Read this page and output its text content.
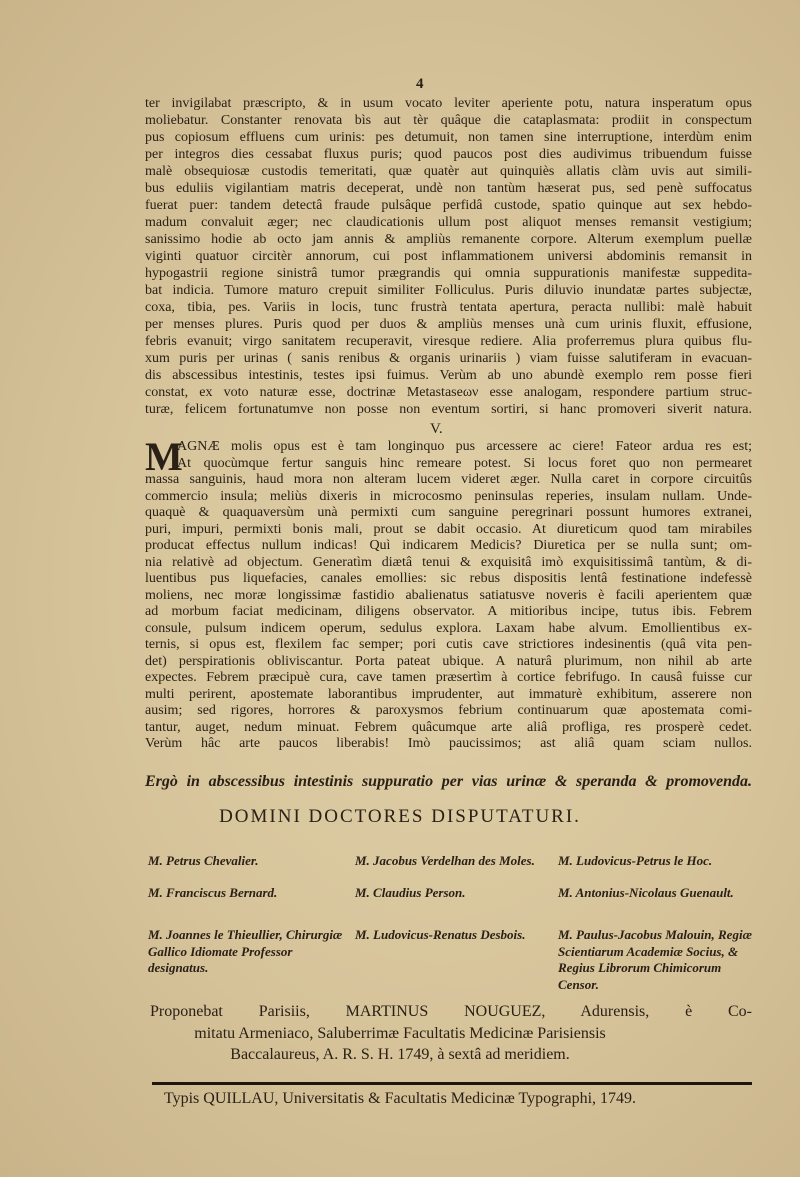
4
ter invigilabat præscripto, & in usum vocato leviter aperiente potu, natura insperatum opus
moliebatur. Constanter renovata bìs aut tèr quâque die cataplasmata: prodiit in conspectum
pus copiosum effluens cum urinis: pes detumuit, non tamen sine interruptione, interdùm enim
per integros dies cessabat fluxus puris; quod paucos post dies audivimus tribuendum fuisse
malè obsequiosæ custodis temeritati, quæ quatèr aut quinquiès allatis clàm uvis aut simili-
bus eduliis vigilantiam matris deceperat, undè non tantùm hæserat pus, sed penè suffocatus
fuerat puer: tandem detectâ fraude pulsâque perfidâ custode, spatio quinque aut sex hebdo-
madum convaluit æger; nec claudicationis ullum post aliquot menses remansit vestigium;
sanissimo hodie ab octo jam annis & ampliùs remanente corpore. Alterum exemplum puellæ
viginti quatuor circitèr annorum, cui post inflammationem universi abdominis remansit in
hypogastrii regione sinistrâ tumor prægrandis qui omnia suppurationis manifestæ suppedita-
bat indicia. Tumore maturo crepuit similiter Folliculus. Puris diluvio inundatæ partes subjectæ,
coxa, tibia, pes. Variis in locis, tunc frustrà tentata apertura, peracta nullibi: malè habuit
per menses plures. Puris quod per duos & ampliùs menses unà cum urinis fluxit, effusione,
febris evanuit; virgo sanitatem recuperavit, viresque rediere. Alia proferremus plura quibus flu-
xum puris per urinas ( sanis renibus & organis urinariis ) viam fuisse salutiferam in evacuan-
dis abscessibus intestinis, testes ipsi fuimus. Verùm ab uno abundè exemplo rem posse fieri
constat, ex voto naturæ esse, doctrinæ Metastaseων esse analogam, respondere partium struc-
turæ, felicem fortunatumve non posse non eventum sortiri, si hanc promoveri siverit natura.
V.
M
AGNÆ molis opus est è tam longinquo pus arcessere ac ciere! Fateor ardua res est;
At quocùmque fertur sanguis hinc remeare potest. Si locus foret quo non permearet
massa sanguinis, haud mora non alteram lucem videret æger. Nulla caret in corpore circuitûs
commercio insula; meliùs dixeris in microcosmo peninsulas reperies, insulam nullam. Unde-
quaquè & quaquaversùm unà permixti cum sanguine peregrinari possunt humores extranei,
puri, impuri, permixti bonis mali, prout se dabit occasio. At diureticum quod tam mirabiles
producat effectus nullum indicas! Quì indicarem Medicis? Diuretica per se nulla sunt; om-
nia relativè ad objectum. Generatìm diætâ tenui & exquisitâ imò exquisitissimâ tantùm, & di-
luentibus pus liquefacies, canales emollies: sic rebus dispositis lentâ festinatione indefessè
moliens, nec moræ longissimæ fastidio abalienatus satiatusve noveris è facili aperientem quæ
ad morbum faciat medicinam, diligens observator. A mitioribus incipe, tutus ibis. Febrem
consule, pulsum indicem operum, sedulus explora. Laxam habe alvum. Emollientibus ex-
ternis, si opus est, flexilem fac semper; pori cutis cave strictiores indesinentis (quâ vita pen-
det) perspirationis obliviscantur. Porta pateat ubique. A naturâ plurimum, non nihil ab arte
expectes. Febrem præcipuè cura, cave tamen præsertìm à cortice febrifugo. In causâ fuisse cur
multi perirent, apostemate laborantibus imprudenter, aut immaturè exhibitum, asserere non
ausim; sed rigores, horrores & paroxysmos febrium continuarum quæ apostemata comi-
tantur, auget, nedum minuat. Febrem quâcumque arte aliâ profliga, res prosperè cedet.
Verùm hâc arte paucos liberabis! Imò paucissimos; ast aliâ quam sciam nullos.
Ergò in abscessibus intestinis suppuratio per vias urinæ & speranda & promovenda.
DOMINI DOCTORES DISPUTATURI.
M. Petrus Chevalier.
M. Franciscus Bernard.
M. Joannes le Thieullier, Chirurgiæ Gallico Idiomate Professor designatus.
M. Jacobus Verdelhan des Moles.
M. Claudius Person.
M. Ludovicus-Renatus Desbois.
M. Ludovicus-Petrus le Hoc.
M. Antonius-Nicolaus Guenault.
M. Paulus-Jacobus Malouin, Regiæ Scientiarum Academiæ Socius, & Regius Librorum Chimicorum Censor.
Proponebat Parisiis, MARTINUS NOUGUEZ, Adurensis, è Co-
mitatu Armeniaco, Saluberrimæ Facultatis Medicinæ Parisiensis
Baccalaureus, A. R. S. H. 1749, à sextâ ad meridiem.
Typis QUILLAU, Universitatis & Facultatis Medicinæ Typographi, 1749.
